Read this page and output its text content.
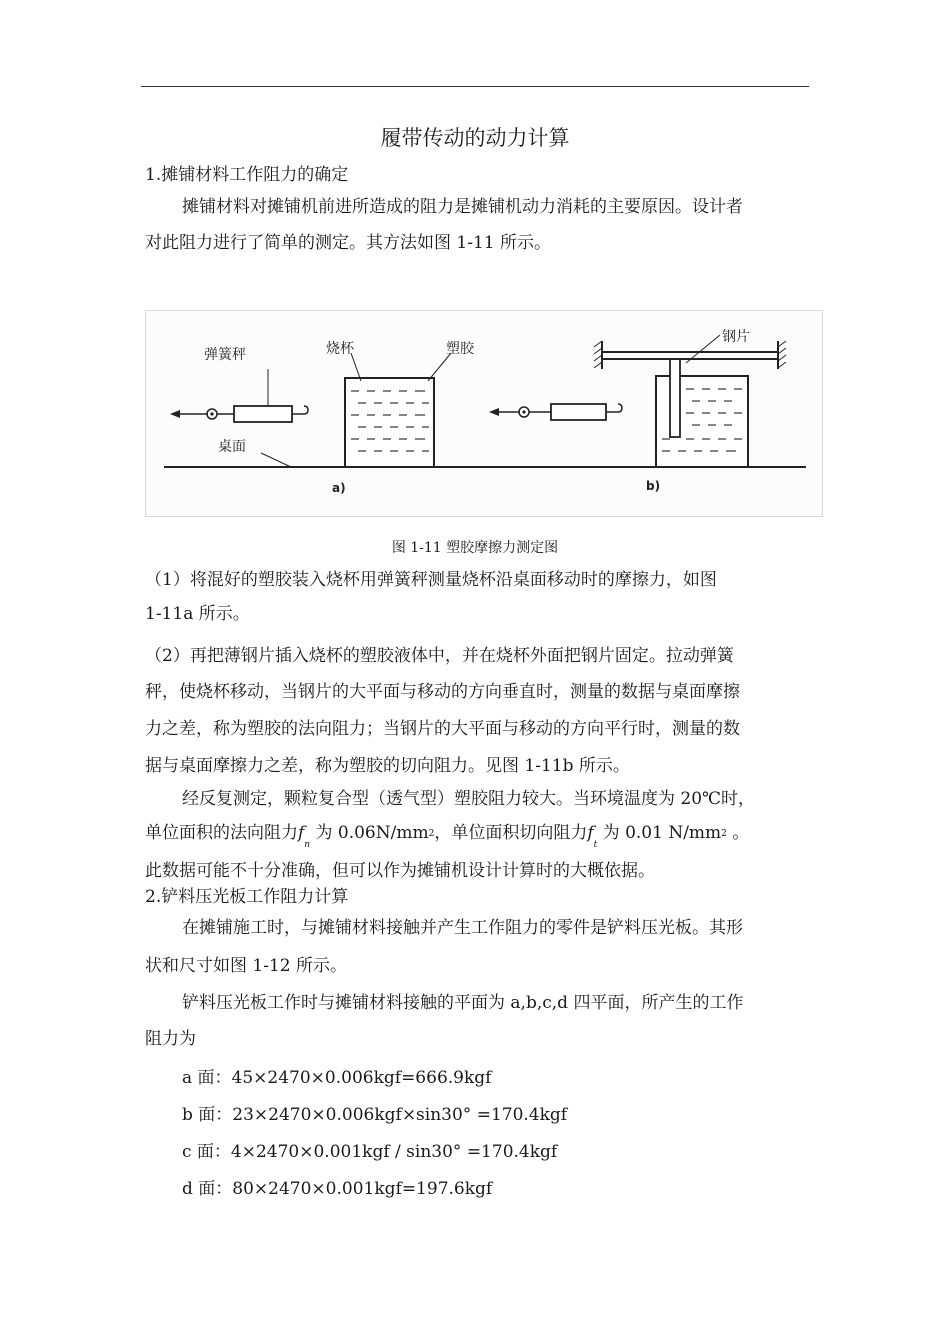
履带传动的动力计算
1.摊铺材料工作阻力的确定
摊铺材料对摊铺机前进所造成的阻力是摊铺机动力消耗的主要原因。设计者
对此阻力进行了简单的测定。其方法如图 1-11 所示。
弹簧秤	烧杯	塑胶
桌面
钢片
a)	b)
图 1-11 塑胶摩擦力测定图
（1）将混好的塑胶装入烧杯用弹簧秤测量烧杯沿桌面移动时的摩擦力，如图
1-11a 所示。
（2）再把薄钢片插入烧杯的塑胶液体中，并在烧杯外面把钢片固定。拉动弹簧
秤，使烧杯移动，当钢片的大平面与移动的方向垂直时，测量的数据与桌面摩擦
力之差，称为塑胶的法向阻力；当钢片的大平面与移动的方向平行时，测量的数
据与桌面摩擦力之差，称为塑胶的切向阻力。见图 1-11b 所示。
经反复测定，颗粒复合型（透气型）塑胶阻力较大。当环境温度为 20℃时，
单位面积的法向阻力$f_n$ 为 0.06N/mm2，单位面积切向阻力$f_t$ 为 0.01 N/mm2 。
此数据可能不十分准确，但可以作为摊铺机设计计算时的大概依据。
2.铲料压光板工作阻力计算
在摊铺施工时，与摊铺材料接触并产生工作阻力的零件是铲料压光板。其形
状和尺寸如图 1-12 所示。
铲料压光板工作时与摊铺材料接触的平面为 a,b,c,d 四平面，所产生的工作
阻力为
a 面：45×2470×0.006kgf=666.9kgf
b 面：23×2470×0.006kgf×sin30° =170.4kgf
c 面：4×2470×0.001kgf / sin30° =170.4kgf
d 面：80×2470×0.001kgf=197.6kgf
